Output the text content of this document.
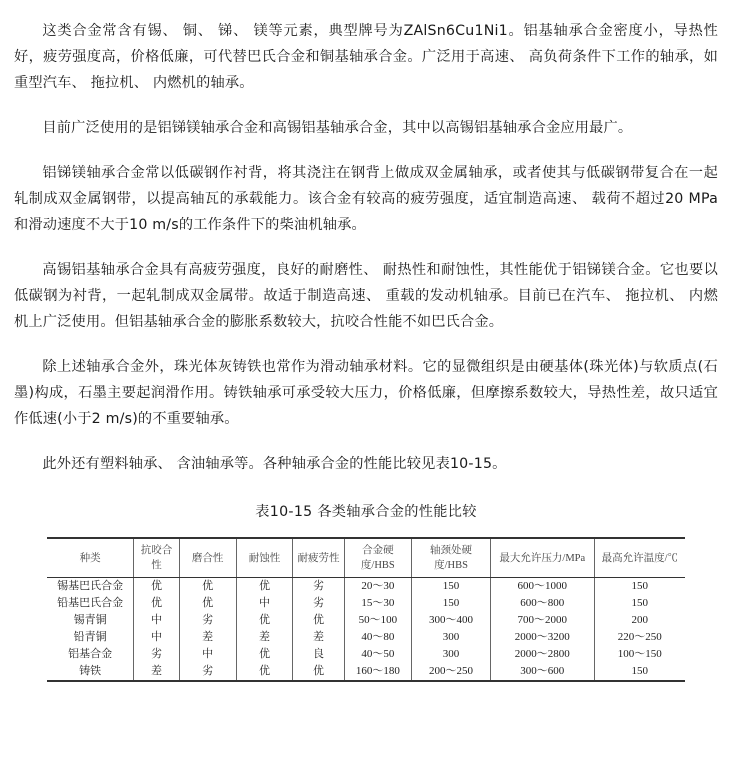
这类合金常含有锡、 铜、 锑、 镁等元素，典型牌号为ZAlSn6Cu1Ni1。铝基轴承合金密度小，导热性好，疲劳强度高，价格低廉，可代替巴氏合金和铜基轴承合金。广泛用于高速、 高负荷条件下工作的轴承，如重型汽车、 拖拉机、 内燃机的轴承。

目前广泛使用的是铝锑镁轴承合金和高锡铝基轴承合金，其中以高锡铝基轴承合金应用最广。

铝锑镁轴承合金常以低碳钢作衬背，将其浇注在钢背上做成双金属轴承，或者使其与低碳钢带复合在一起轧制成双金属钢带，以提高轴瓦的承载能力。该合金有较高的疲劳强度，适宜制造高速、 载荷不超过20 MPa和滑动速度不大于10 m/s的工作条件下的柴油机轴承。

高锡铝基轴承合金具有高疲劳强度，良好的耐磨性、 耐热性和耐蚀性，其性能优于铝锑镁合金。它也要以低碳钢为衬背，一起轧制成双金属带。故适于制造高速、 重载的发动机轴承。目前已在汽车、 拖拉机、 内燃机上广泛使用。但铝基轴承合金的膨胀系数较大，抗咬合性能不如巴氏合金。

除上述轴承合金外，珠光体灰铸铁也常作为滑动轴承材料。它的显微组织是由硬基体(珠光体)与软质点(石墨)构成，石墨主要起润滑作用。铸铁轴承可承受较大压力，价格低廉，但摩擦系数较大，导热性差，故只适宜作低速(小于2 m/s)的不重要轴承。

此外还有塑料轴承、 含油轴承等。各种轴承合金的性能比较见表10-15。

表10-15 各类轴承合金的性能比较
种类	抗咬合性	磨合性	耐蚀性	耐疲劳性	合金硬度/HBS	轴颈处硬度/HBS	最大允许压力/MPa	最高允许温度/℃
锡基巴氏合金	优	优	优	劣	20～30	150	600～1000	150
铅基巴氏合金	优	优	中	劣	15～30	150	600～800	150
锡青铜	中	劣	优	优	50～100	300～400	700～2000	200
铅青铜	中	差	差	差	40～80	300	2000～3200	220～250
铝基合金	劣	中	优	良	40～50	300	2000～2800	100～150
铸铁	差	劣	优	优	160～180	200～250	300～600	150
